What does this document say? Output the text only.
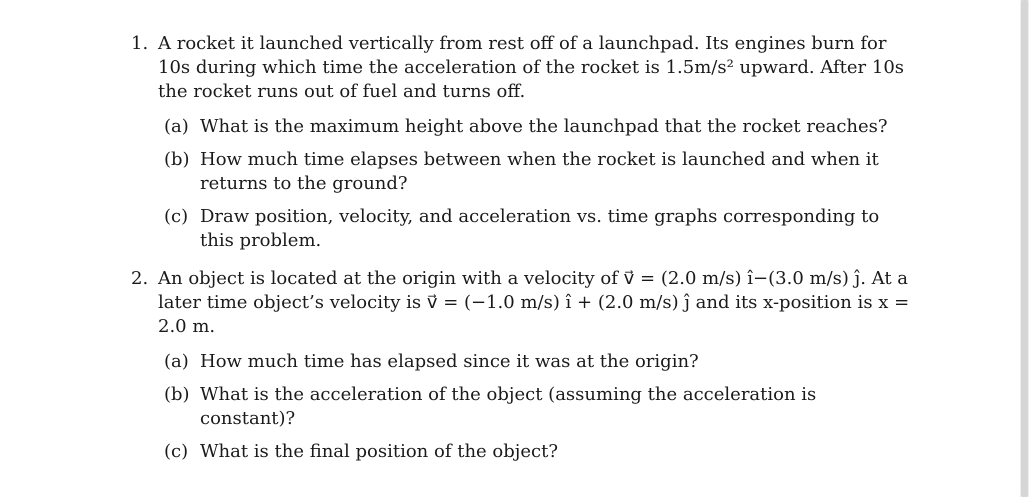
1. A rocket it launched vertically from rest off of a launchpad. Its engines burn for 10s during which time the acceleration of the rocket is 1.5m/s² upward. After 10s the rocket runs out of fuel and turns off.
(a) What is the maximum height above the launchpad that the rocket reaches?
(b) How much time elapses between when the rocket is launched and when it returns to the ground?
(c) Draw position, velocity, and acceleration vs. time graphs corresponding to this problem.
2. An object is located at the origin with a velocity of v⃗ = (2.0 m/s) î−(3.0 m/s) ĵ. At a later time object’s velocity is v⃗ = (−1.0 m/s) î + (2.0 m/s) ĵ and its x-position is x = 2.0 m.
(a) How much time has elapsed since it was at the origin?
(b) What is the acceleration of the object (assuming the acceleration is constant)?
(c) What is the final position of the object?
